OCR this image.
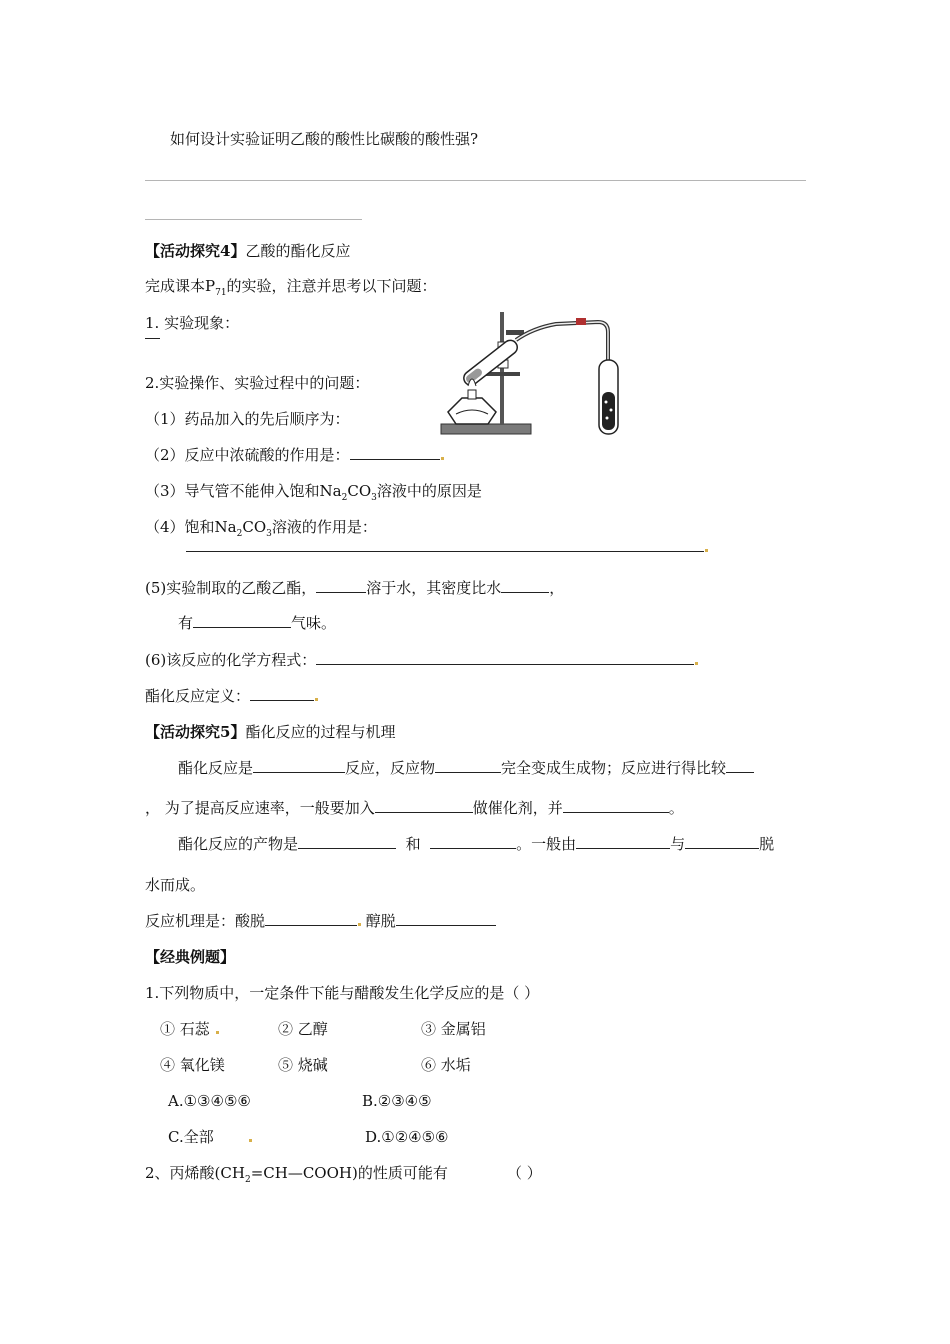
如何设计实验证明乙酸的酸性比碳酸的酸性强?
【活动探究4】乙酸的酯化反应
完成课本$P_{71}$的实验，注意并思考以下问题：
1. 实验现象：
2.实验操作、实验过程中的问题：
（1）药品加入的先后顺序为：
（2）反应中浓硫酸的作用是：
（3）导气管不能伸入饱和$Na_2CO_3$溶液中的原因是
（4）饱和$Na_2CO_3$溶液的作用是：
(5)实验制取的乙酸乙酯，	溶于水，其密度比水	，
有	气味。
(6)该反应的化学方程式：
酯化反应定义：
【活动探究5】酯化反应的过程与机理
酯化反应是	反应，反应物	完全变成生成物；反应进行得比较
， 为了提高反应速率，一般要加入	做催化剂，并	。
酯化反应的产物是	和	。一般由	与	脱
水而成。
反应机理是：酸脱	醇脱
【经典例题】
1.下列物质中，一定条件下能与醋酸发生化学反应的是（ ）
① 石蕊	② 乙醇	③ 金属铝
④ 氧化镁	⑤ 烧碱	⑥ 水垢
A.①③④⑤⑥	B.②③④⑤
C.全部	D.①②④⑤⑥
2、丙烯酸$(CH_2=CH—COOH)$的性质可能有	（ ）
